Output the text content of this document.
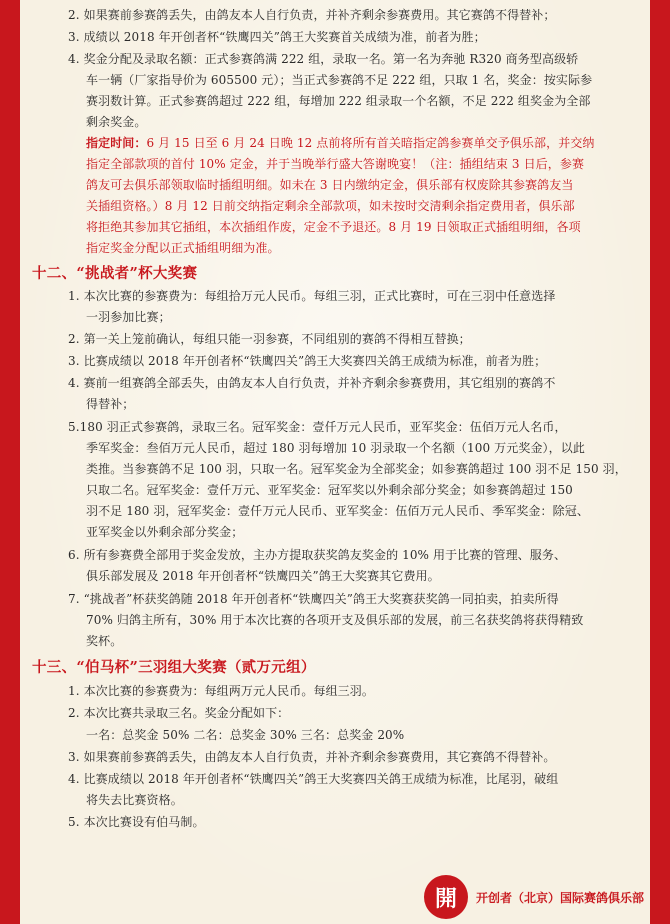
2. 如果赛前参赛鸽丢失，由鸽友本人自行负责，并补齐剩余参赛费用。其它赛鸽不得替补；
3. 成绩以 2018 年开创者杯“铁鹰四关”鸽王大奖赛首关成绩为准，前者为胜；
4. 奖金分配及录取名额：正式参赛鸽满 222 组，录取一名。第一名为奔驰 R320 商务型高级轿
车一辆（厂家指导价为 605500 元）；当正式参赛鸽不足 222 组，只取 1 名，奖金：按实际参
赛羽数计算。正式参赛鸽超过 222 组，每增加 222 组录取一个名额，不足 222 组奖金为全部
剩余奖金。
指定时间：6 月 15 日至 6 月 24 日晚 12 点前将所有首关暗指定鸽参赛单交予俱乐部，并交纳
指定全部款项的首付 10% 定金，并于当晚举行盛大答谢晚宴！（注：插组结束 3 日后，参赛
鸽友可去俱乐部领取临时插组明细。如未在 3 日内缴纳定金，俱乐部有权废除其参赛鸽友当
关插组资格。）8 月 12 日前交纳指定剩余全部款项，如未按时交清剩余指定费用者，俱乐部
将拒绝其参加其它插组，本次插组作废，定金不予退还。8 月 19 日领取正式插组明细，各项
指定奖金分配以正式插组明细为准。
十二、“挑战者”杯大奖赛
1. 本次比赛的参赛费为：每组拾万元人民币。每组三羽，正式比赛时，可在三羽中任意选择
一羽参加比赛；
2. 第一关上笼前确认，每组只能一羽参赛，不同组别的赛鸽不得相互替换；
3. 比赛成绩以 2018 年开创者杯“铁鹰四关”鸽王大奖赛四关鸽王成绩为标准，前者为胜；
4. 赛前一组赛鸽全部丢失，由鸽友本人自行负责，并补齐剩余参赛费用，其它组别的赛鸽不
得替补；
5.180 羽正式参赛鸽，录取三名。冠军奖金：壹仟万元人民币，亚军奖金：伍佰万元人名币，
季军奖金：叁佰万元人民币，超过 180 羽每增加 10 羽录取一个名额（100 万元奖金），以此
类推。当参赛鸽不足 100 羽，只取一名。冠军奖金为全部奖金；如参赛鸽超过 100 羽不足 150 羽，
只取二名。冠军奖金：壹仟万元、亚军奖金：冠军奖以外剩余部分奖金；如参赛鸽超过 150
羽不足 180 羽，冠军奖金：壹仟万元人民币、亚军奖金：伍佰万元人民币、季军奖金：除冠、
亚军奖金以外剩余部分奖金；
6. 所有参赛费全部用于奖金发放，主办方提取获奖鸽友奖金的 10% 用于比赛的管理、服务、
俱乐部发展及 2018 年开创者杯“铁鹰四关”鸽王大奖赛其它费用。
7. “挑战者”杯获奖鸽随 2018 年开创者杯“铁鹰四关”鸽王大奖赛获奖鸽一同拍卖，拍卖所得
70% 归鸽主所有，30% 用于本次比赛的各项开支及俱乐部的发展，前三名获奖鸽将获得精致
奖杯。
十三、“伯马杯”三羽组大奖赛（贰万元组）
1. 本次比赛的参赛费为：每组两万元人民币。每组三羽。
2. 本次比赛共录取三名。奖金分配如下：
一名：总奖金 50% 二名：总奖金 30% 三名：总奖金 20%
3. 如果赛前参赛鸽丢失，由鸽友本人自行负责，并补齐剩余参赛费用，其它赛鸽不得替补。
4. 比赛成绩以 2018 年开创者杯“铁鹰四关”鸽王大奖赛四关鸽王成绩为标准，比尾羽，破组
将失去比赛资格。
5. 本次比赛设有伯马制。
開	开创者（北京）国际赛鸽俱乐部
